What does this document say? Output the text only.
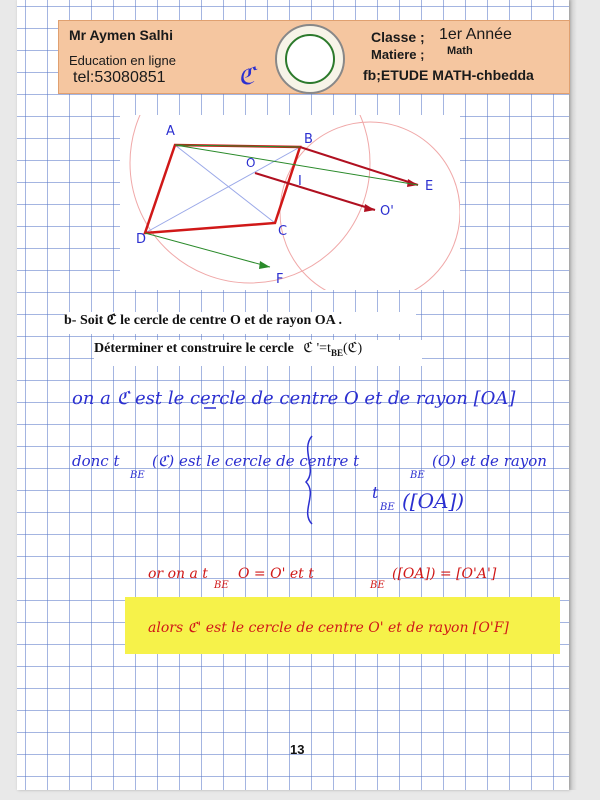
Mr Aymen Salhi
Education en ligne
tel:53080851
Classe ; 1er Année
Matiere ; Math
fb;ETUDE MATH-chbedda
ℭ
A
B
O
I	E
O'
C
D
F
b- Soit ℭ le cercle de centre O et de rayon OA .
Déterminer et construire le cercle ℭ '$=t_{BE}(ℭ)$
on a ℭ est le cercle de centre O et de rayon [OA]
donc t
BE
(ℭ) est le cercle de centre t
BE
(O) et de rayon
t
BE ([OA])
or on a t
BE
O = O' et t
BE
([OA]) = [O'A']
alors ℭ' est le cercle de centre O' et de rayon [O'F]
13
